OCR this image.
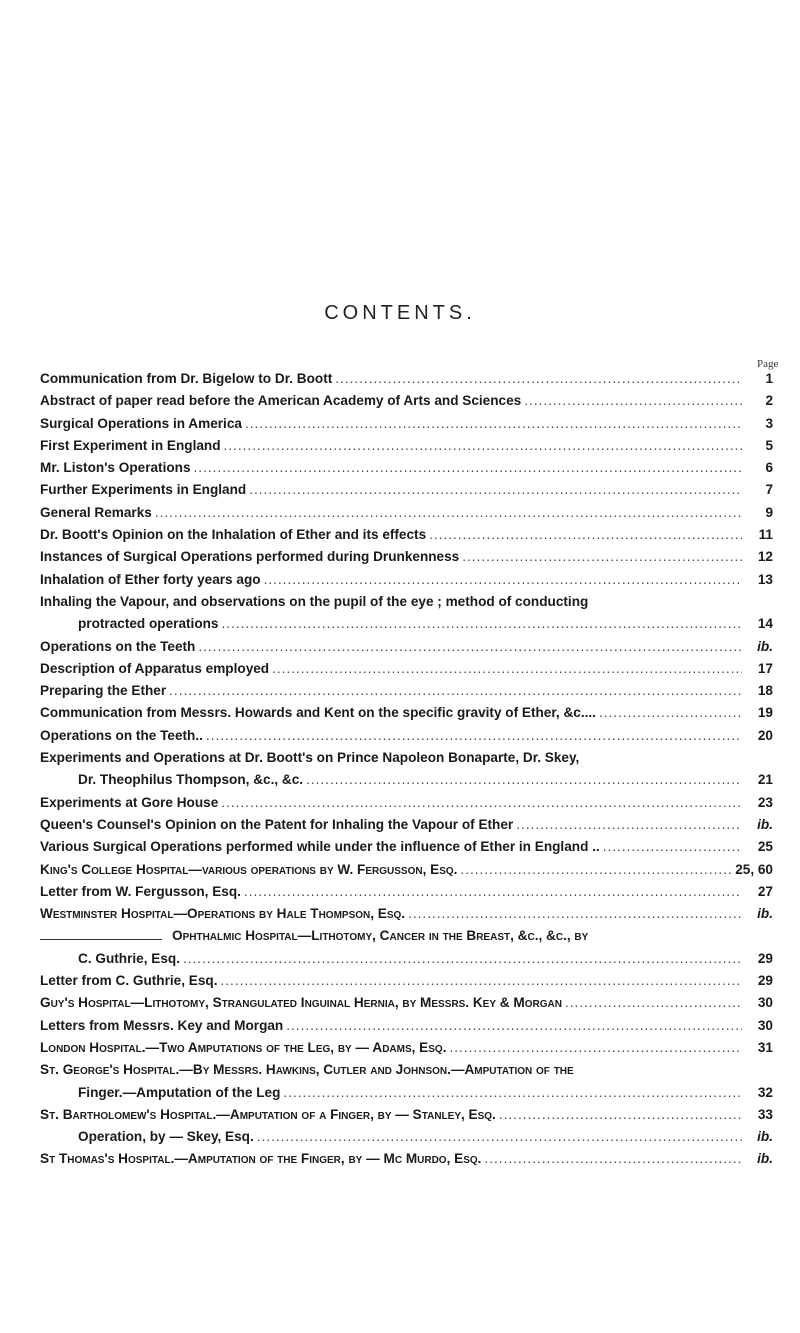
CONTENTS.
Page
Communication from Dr. Bigelow to Dr. Boott .....	1
Abstract of paper read before the American Academy of Arts and Sciences .....	2
Surgical Operations in America .....	3
First Experiment in England .....	5
Mr. Liston's Operations .....	6
Further Experiments in England .....	7
General Remarks .....	9
Dr. Boott's Opinion on the Inhalation of Ether and its effects .....	11
Instances of Surgical Operations performed during Drunkenness .....	12
Inhalation of Ether forty years ago .....	13
Inhaling the Vapour, and observations on the pupil of the eye ; method of conducting
protracted operations .....	14
Operations on the Teeth .....	ib.
Description of Apparatus employed .....	17
Preparing the Ether .....	18
Communication from Messrs. Howards and Kent on the specific gravity of Ether, &c.... .....	19
Operations on the Teeth.. .....	20
Experiments and Operations at Dr. Boott's on Prince Napoleon Bonaparte, Dr. Skey,
Dr. Theophilus Thompson, &c., &c. .....	21
Experiments at Gore House .....	23
Queen's Counsel's Opinion on the Patent for Inhaling the Vapour of Ether .....	ib.
Various Surgical Operations performed while under the influence of Ether in England .. .....	25
King's College Hospital—various operations by W. Fergusson, Esq. .....	25, 60
Letter from W. Fergusson, Esq. .....	27
Westminster Hospital—Operations by Hale Thompson, Esq. .....	ib.
Ophthalmic Hospital—Lithotomy, Cancer in the Breast, &c., &c., by
C. Guthrie, Esq. .....	29
Letter from C. Guthrie, Esq. .....	29
Guy's Hospital—Lithotomy, Strangulated Inguinal Hernia, by Messrs. Key & Morgan .....	30
Letters from Messrs. Key and Morgan .....	30
London Hospital.—Two Amputations of the Leg, by — Adams, Esq. .....	31
St. George's Hospital.—By Messrs. Hawkins, Cutler and Johnson.—Amputation of the
Finger.—Amputation of the Leg .....	32
St. Bartholomew's Hospital.—Amputation of a Finger, by — Stanley, Esq. .....	33
Operation, by — Skey, Esq. .....	ib.
St Thomas's Hospital.—Amputation of the Finger, by — Mc Murdo, Esq. .....	ib.
